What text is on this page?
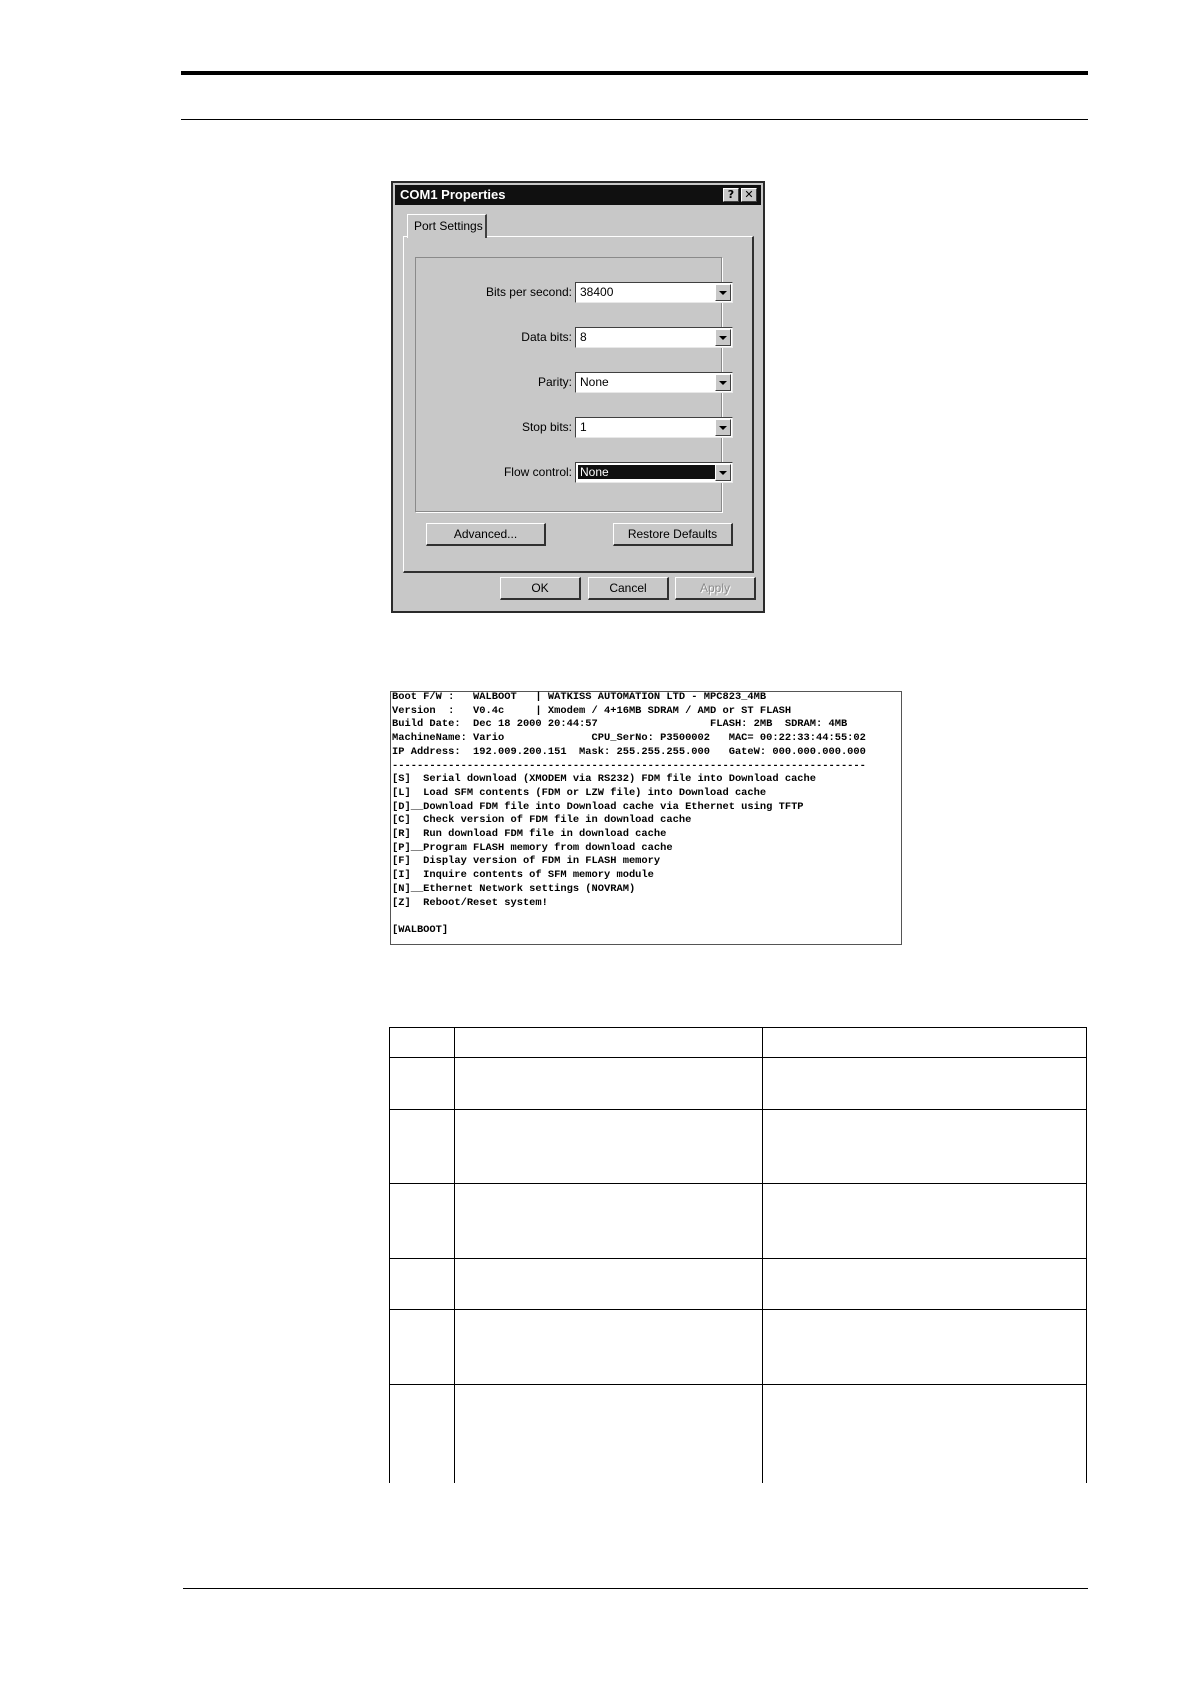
COM1 Properties	? ✕
Port Settings
Bits per second: 38400
Data bits: 8
Parity: None
Stop bits: 1
Flow control: None
Advanced...	Restore Defaults
OK	Cancel	Apply
Boot F/W :   WALBOOT   | WATKISS AUTOMATION LTD - MPC823_4MB
Version  :   V0.4c     | Xmodem / 4+16MB SDRAM / AMD or ST FLASH
Build Date:  Dec 18 2000 20:44:57                  FLASH: 2MB  SDRAM: 4MB
MachineName: Vario              CPU_SerNo: P3500002   MAC= 00:22:33:44:55:02
IP Address:  192.009.200.151  Mask: 255.255.255.000   GateW: 000.000.000.000
----------------------------------------------------------------------------
[S]  Serial download (XMODEM via RS232) FDM file into Download cache
[L]  Load SFM contents (FDM or LZW file) into Download cache
[D]__Download FDM file into Download cache via Ethernet using TFTP
[C]  Check version of FDM file in download cache
[R]  Run download FDM file in download cache
[P]__Program FLASH memory from download cache
[F]  Display version of FDM in FLASH memory
[I]  Inquire contents of SFM memory module
[N]__Ethernet Network settings (NOVRAM)
[Z]  Reboot/Reset system!
[WALBOOT]
